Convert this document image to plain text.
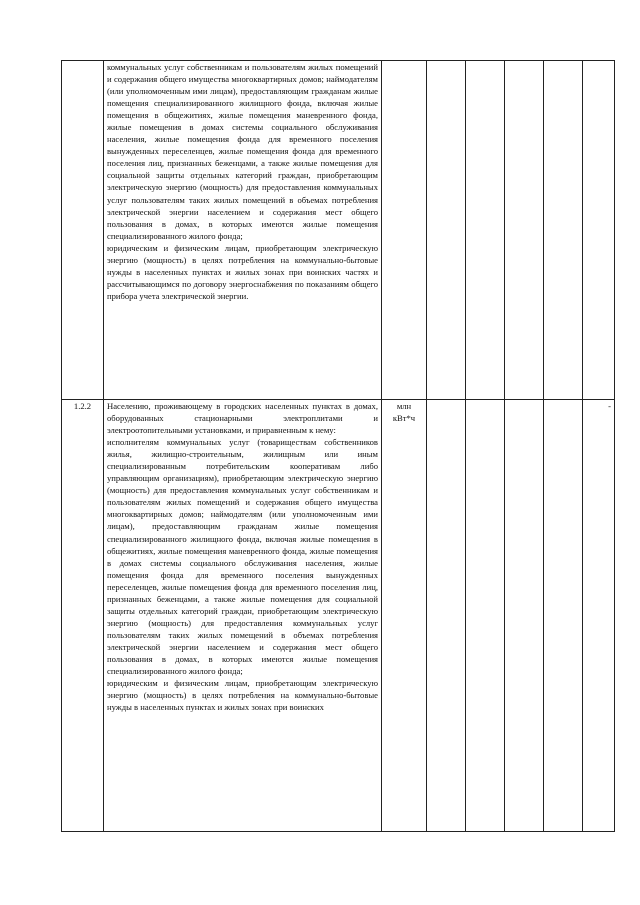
	коммунальных услуг собственникам и пользователям жилых помещений и содержания общего имущества многоквартирных домов; наймодателям (или уполномоченным ими лицам), предоставляющим гражданам жилые помещения специализированного жилищного фонда, включая жилые помещения в общежитиях, жилые помещения маневренного фонда, жилые помещения в домах системы социального обслуживания населения, жилые помещения фонда для временного поселения вынужденных переселенцев, жилые помещения фонда для временного поселения лиц, признанных беженцами, а также жилые помещения для социальной защиты отдельных категорий граждан, приобретающим электрическую энергию (мощность) для предоставления коммунальных услуг пользователям таких жилых помещений в объемах потребления электрической энергии населением и содержания мест общего пользования в домах, в которых имеются жилые помещения специализированного жилого фонда;

юридическим и физическим лицам, приобретающим электрическую энергию (мощность) в целях потребления на коммунально-бытовые нужды в населенных пунктах и жилых зонах при воинских частях и рассчитывающимся по договору энергоснабжения по показаниям общего прибора учета электрической энергии.						

1.2.2	Населению, проживающему в городских населенных пунктах в домах, оборудованных стационарными электроплитами и электроотопительными установками, и приравненным к нему:

исполнителям коммунальных услуг (товариществам собственников жилья, жилищно-строительным, жилищным или иным специализированным потребительским кооперативам либо управляющим организациям), приобретающим электрическую энергию (мощность) для предоставления коммунальных услуг собственникам и пользователям жилых помещений и содержания общего имущества многоквартирных домов; наймодателям (или уполномоченным ими лицам), предоставляющим гражданам жилые помещения специализированного жилищного фонда, включая жилые помещения в общежитиях, жилые помещения маневренного фонда, жилые помещения в домах системы социального обслуживания населения, жилые помещения фонда для временного поселения вынужденных переселенцев, жилые помещения фонда для временного поселения лиц, признанных беженцами, а также жилые помещения для социальной защиты отдельных категорий граждан, приобретающим электрическую энергию (мощность) для предоставления коммунальных услуг пользователям таких жилых помещений в объемах потребления электрической энергии населением и содержания мест общего пользования в домах, в которых имеются жилые помещения специализированного жилого фонда;

юридическим и физическим лицам, приобретающим электрическую энергию (мощность) в целях потребления на коммунально-бытовые нужды в населенных пунктах и жилых зонах при воинских	млн кВт*ч					-
